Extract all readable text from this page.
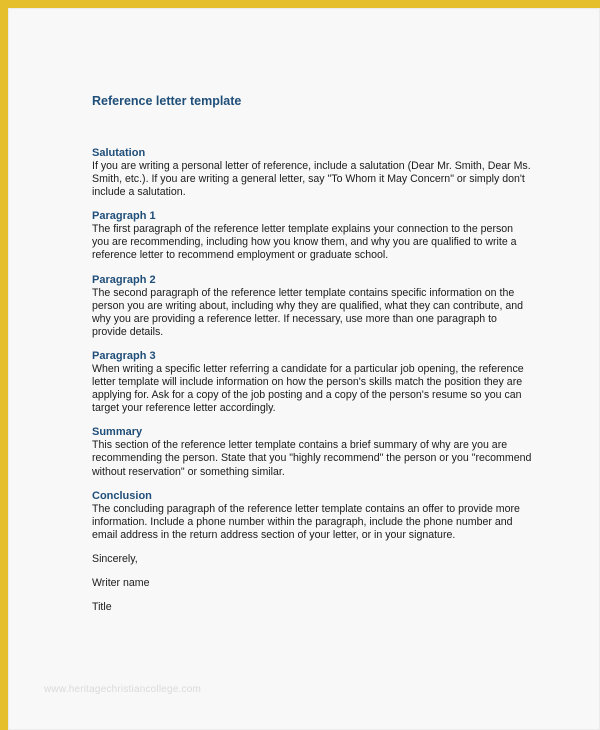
Reference letter template

Salutation

If you are writing a personal letter of reference, include a salutation (Dear Mr. Smith, Dear Ms. Smith, etc.). If you are writing a general letter, say "To Whom it May Concern" or simply don't include a salutation.

Paragraph 1

The first paragraph of the reference letter template explains your connection to the person you are recommending, including how you know them, and why you are qualified to write a reference letter to recommend employment or graduate school.

Paragraph 2

The second paragraph of the reference letter template contains specific information on the person you are writing about, including why they are qualified, what they can contribute, and why you are providing a reference letter. If necessary, use more than one paragraph to provide details.

Paragraph 3

When writing a specific letter referring a candidate for a particular job opening, the reference letter template will include information on how the person's skills match the position they are applying for. Ask for a copy of the job posting and a copy of the person's resume so you can target your reference letter accordingly.

Summary

This section of the reference letter template contains a brief summary of why are you are recommending the person. State that you "highly recommend" the person or you "recommend without reservation" or something similar.

Conclusion

The concluding paragraph of the reference letter template contains an offer to provide more information. Include a phone number within the paragraph, include the phone number and email address in the return address section of your letter, or in your signature.

Sincerely,

Writer name

Title

www.heritagechristiancollege.com
